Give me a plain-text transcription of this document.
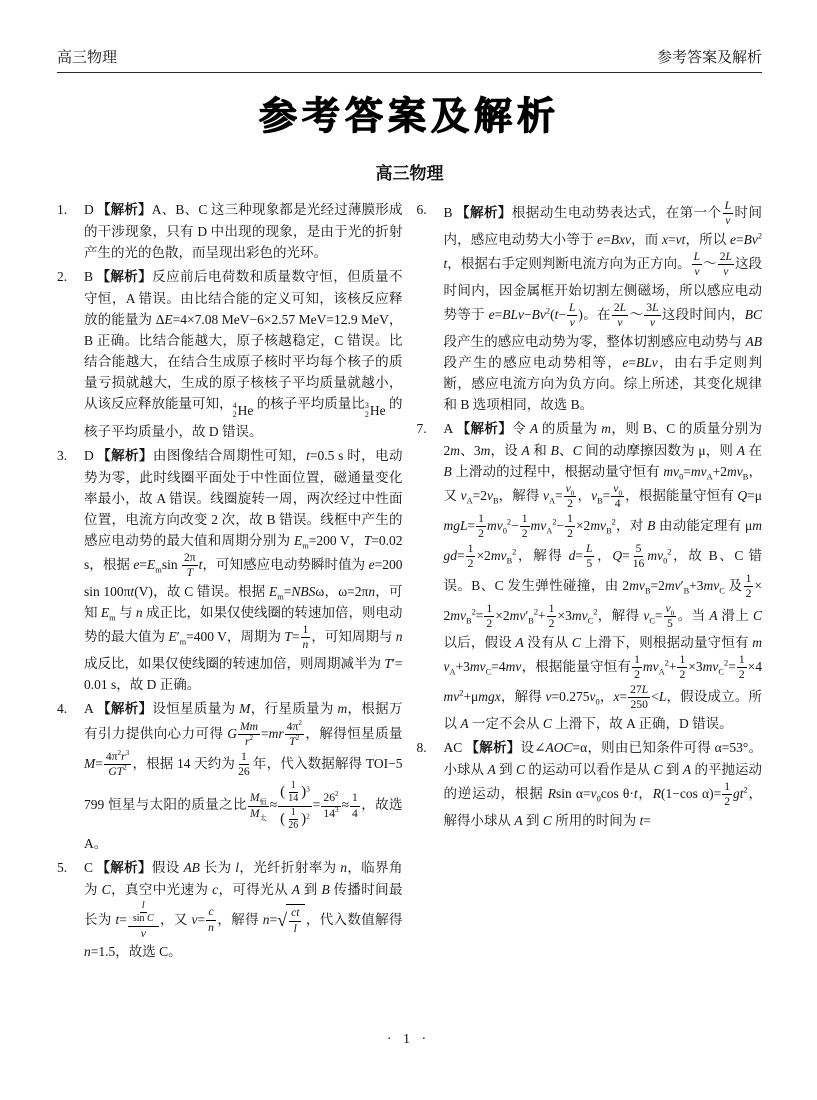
高三物理	参考答案及解析
参考答案及解析
高三物理
1.	D 【解析】A、B、C 这三种现象都是光经过薄膜形成的干涉现象，只有 D 中出现的现象，是由于光的折射产生的光的色散，而呈现出彩色的光环。
2.	B 【解析】反应前后电荷数和质量数守恒，但质量不守恒，A 错误。由比结合能的定义可知，该核反应释放的能量为 ΔE=4×7.08 MeV−6×2.57 MeV=12.9 MeV，B 正确。比结合能越大，原子核越稳定，C 错误。比结合能越大，在结合生成原子核时平均每个核子的质量亏损就越大，生成的原子核核子平均质量就越小，从该反应释放能量可知， 4
2 He 的核子平均质量比 3
2 He 的核子平均质量小，故 D 错误。
3.	D 【解析】由图像结合周期性可知，t=0.5 s 时，电动势为零，此时线圈平面处于中性面位置，磁通量变化率最小，故 A 错误。线圈旋转一周，两次经过中性面位置，电流方向改变 2 次，故 B 错误。线框中产生的感应电动势的最大值和周期分别为 $E_m=200$ V，T=0.02 s，根据 $e=E_m\sin \frac{2\pi}{T}$ t，可知感应电动势瞬时值为 e=200sin 100πt(V)，故 C 错误。根据 $E_m=NBS\omega$，ω=2πn，可知 $E_m$ 与 n 成正比，如果仅使线圈的转速加倍，则电动势的最大值为 $E'_m=400$ V，周期为 $T= \frac{1}{n}$ ，可知周期与 n 成反比，如果仅使线圈的转速加倍，则周期减半为 T′=0.01 s，故 D 正确。
4.	A 【解析】设恒星质量为 M，行星质量为 m，根据万有引力提供向心力可得 G $\frac{Mm}{r^2} =mr \frac{4\pi^2}{T^2}$ ，解得恒星质量 $M= \frac{4\pi^2r^3}{GT^2}$ ，根据 14 天约为 $\frac{1}{26}$ 年，代入数据解得 TOI−5799 恒星与太阳的质量之比 $\frac{M_恒}{M_太} \approx \frac{( \frac{1}{14} ) ^3}{( \frac{1}{26} ) ^2} = \frac{26^2}{14^3} \approx \frac{1}{4}$ ，故选 A。
5.	C 【解析】假设 AB 长为 l，光纤折射率为 n，临界角为 C，真空中光速为 c，可得光从 A 到 B 传播时间最长为 $t= \frac{\frac{l}{\text{sin C}}}{v}$ ，又 $v= \frac{c}{n}$ ，解得 n= √ $\frac{ct}{l}$ ，代入数值解得 n=1.5，故选 C。
6.	B 【解析】根据动生电动势表达式，在第一个 $\frac{L}{v}$ 时间内，感应电动势大小等于 e=Bxv，而 x=vt，所以 $e=Bv^2t$，根据右手定则判断电流方向为正方向。 $\frac{L}{v}$ ～ $\frac{2L}{v}$ 这段时间内，因金属框开始切割左侧磁场，所以感应电动势等于 $e=BLv-Bv^2(t- \frac{L}{v}$ )。在 $\frac{2L}{v}$ ～ $\frac{3L}{v}$ 这段时间内，BC 段产生的感应电动势为零，整体切割感应电动势与 AB 段产生的感应电动势相等，e=BLv，由右手定则判断，感应电流方向为负方向。综上所述，其变化规律和 B 选项相同，故选 B。
7.	A 【解析】令 A 的质量为 m，则 B、C 的质量分别为 2m、3m，设 A 和 B、C 间的动摩擦因数为 μ，则 A 在 B 上滑动的过程中，根据动量守恒有 $mv_0=mv_A+2mv_B$，又 $v_A=2v_B$，解得 $v_A= \frac{v_0}{2}$ ，$v_B= \frac{v_0}{4}$ ，根据能量守恒有 $Q=\mu mgL= \frac{1}{2} mv_0^2- \frac{1}{2} mv_A^2- \frac{1}{2} \times 2mv_B^2$，对 B 由动能定理有 $\mu mgd= \frac{1}{2} \times 2mv_B^2$，解得 $d= \frac{L}{5}$ ，$Q= \frac{5}{16} mv_0^2$，故 B、C 错误。B、C 发生弹性碰撞，由 $2mv_B=2mv'_B+3mv_C$ 及 $\frac{1}{2} \times 2mv_B^2= \frac{1}{2} \times 2mv'_B^2+ \frac{1}{2} \times 3mv_C^2$，解得 $v_C= \frac{v_0}{5}$ 。当 A 滑上 C 以后，假设 A 没有从 C 上滑下，则根据动量守恒有 $mv_A+3mv_C=4mv$，根据能量守恒有 $\frac{1}{2} mv_A^2+ \frac{1}{2} \times 3mv_C^2= \frac{1}{2} \times 4mv^2+\mu mgx$，解得 $v=0.275v_0$，$x= \frac{27L}{250} <L$，假设成立。所以 A 一定不会从 C 上滑下，故 A 正确，D 错误。
8.	AC 【解析】设∠AOC=α，则由已知条件可得 α=53°。小球从 A 到 C 的运动可以看作是从 C 到 A 的平抛运动的逆运动，根据 Rsin $\alpha=v_0\cos$ θ·t，R(1−cos $\alpha)= \frac{1}{2} gt^2$，解得小球从 A 到 C 所用的时间为 t=
· 1 ·
